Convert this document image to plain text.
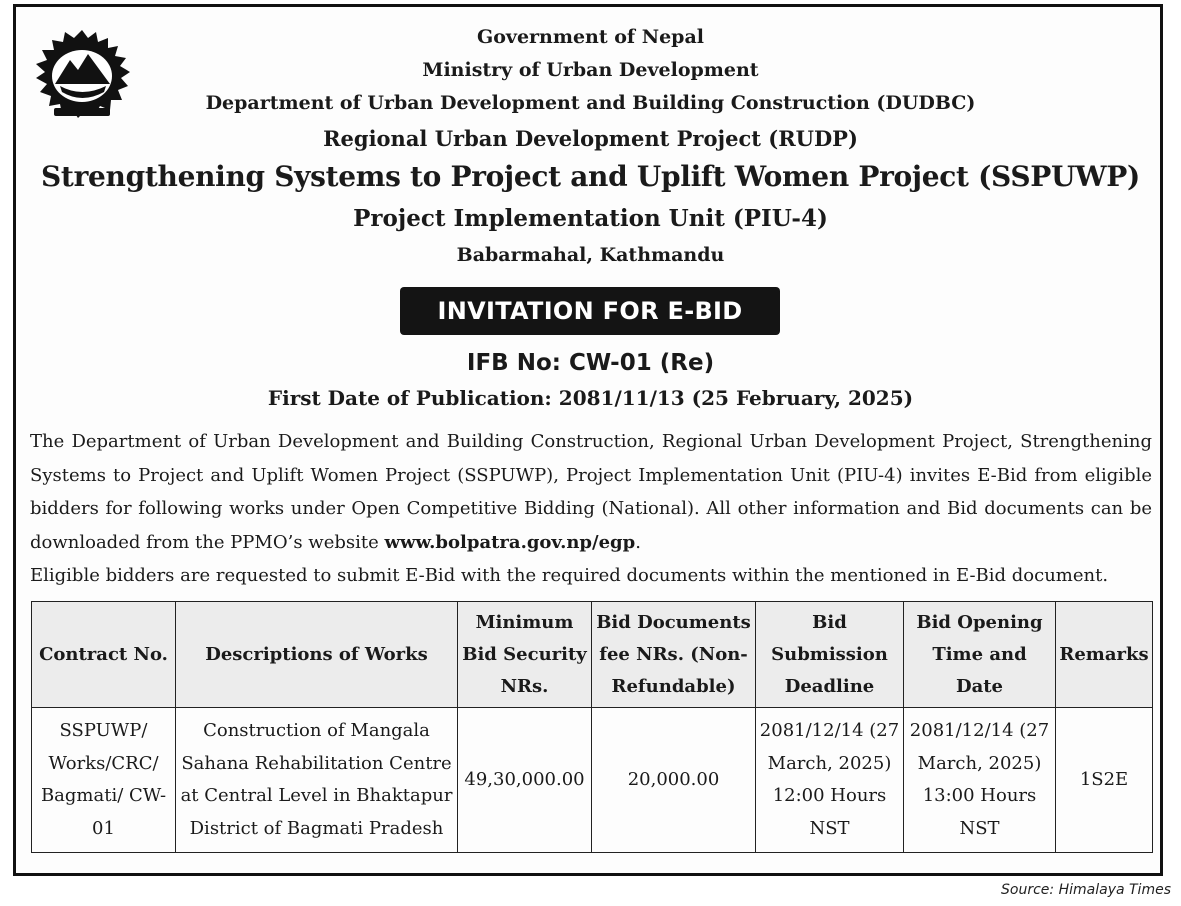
Government of Nepal
Ministry of Urban Development
Department of Urban Development and Building Construction (DUDBC)
Regional Urban Development Project (RUDP)
Strengthening Systems to Project and Uplift Women Project (SSPUWP)
Project Implementation Unit (PIU-4)
Babarmahal, Kathmandu
INVITATION FOR E-BID
IFB No: CW-01 (Re)
First Date of Publication: 2081/11/13 (25 February, 2025)

The Department of Urban Development and Building Construction, Regional Urban Development Project, Strengthening Systems to Project and Uplift Women Project (SSPUWP), Project Implementation Unit (PIU-4) invites E-Bid from eligible bidders for following works under Open Competitive Bidding (National). All other information and Bid documents can be downloaded from the PPMO’s website www.bolpatra.gov.np/egp.

Eligible bidders are requested to submit E-Bid with the required documents within the mentioned in E-Bid document.

Contract No.	Descriptions of Works	Minimum Bid Security NRs.	Bid Documents fee NRs. (Non-Refundable)	Bid Submission Deadline	Bid Opening Time and Date	Remarks
SSPUWP/ Works/CRC/ Bagmati/ CW-01	Construction of Mangala Sahana Rehabilitation Centre at Central Level in Bhaktapur District of Bagmati Pradesh	49,30,000.00	20,000.00	2081/12/14 (27 March, 2025) 12:00 Hours NST	2081/12/14 (27 March, 2025) 13:00 Hours NST	1S2E
Source: Himalaya Times
